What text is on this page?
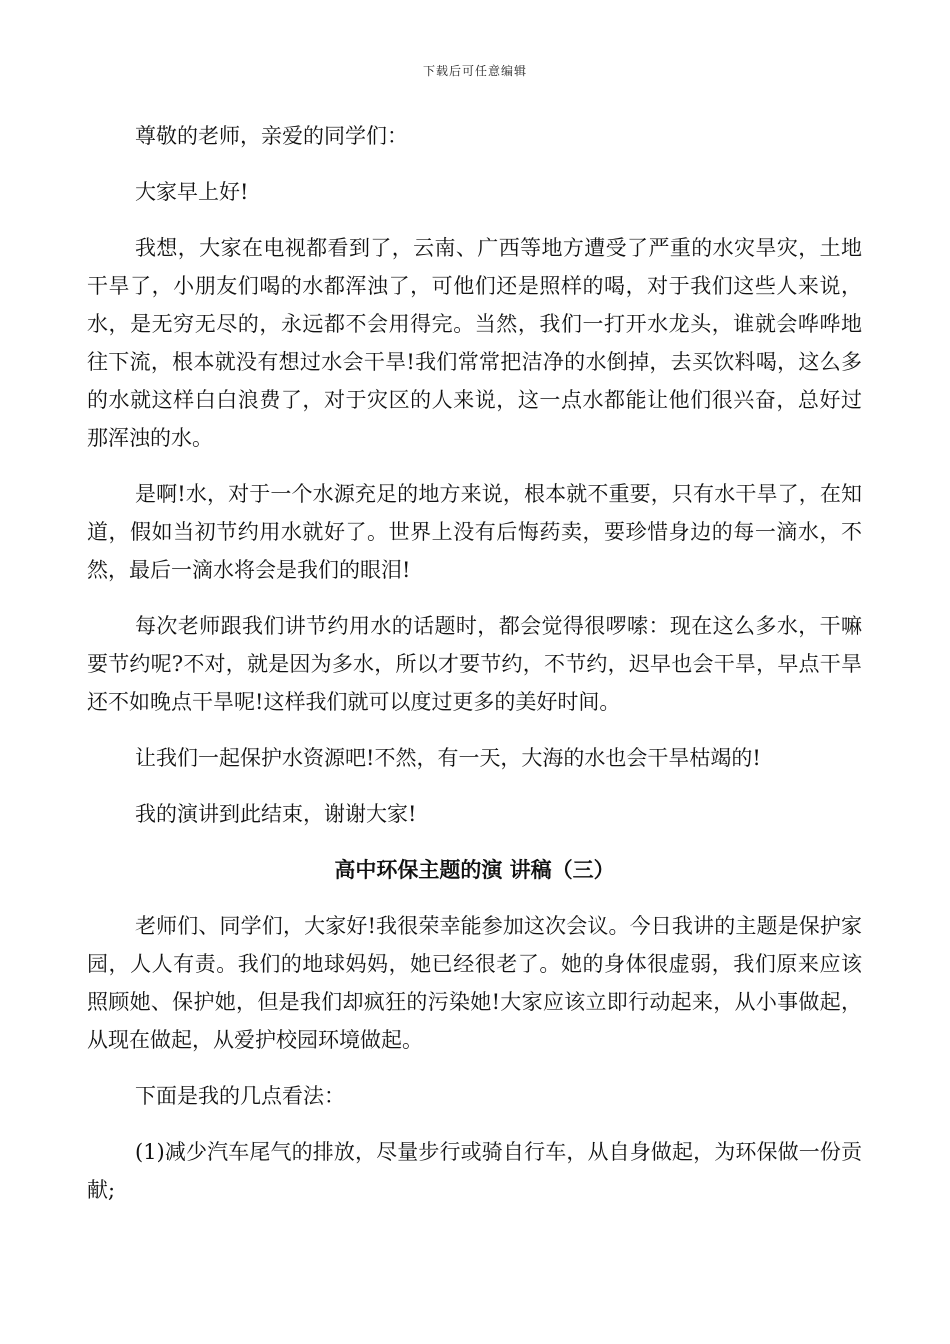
下载后可任意编辑

尊敬的老师，亲爱的同学们：

大家早上好!

我想，大家在电视都看到了，云南、广西等地方遭受了严重的水灾旱灾，土地干旱了，小朋友们喝的水都浑浊了，可他们还是照样的喝，对于我们这些人来说，水，是无穷无尽的，永远都不会用得完。当然，我们一打开水龙头，谁就会哗哗地往下流，根本就没有想过水会干旱!我们常常把洁净的水倒掉，去买饮料喝，这么多的水就这样白白浪费了，对于灾区的人来说，这一点水都能让他们很兴奋，总好过那浑浊的水。

是啊!水，对于一个水源充足的地方来说，根本就不重要，只有水干旱了，在知道，假如当初节约用水就好了。世界上没有后悔药卖，要珍惜身边的每一滴水，不然，最后一滴水将会是我们的眼泪!

每次老师跟我们讲节约用水的话题时，都会觉得很啰嗦：现在这么多水，干嘛要节约呢?不对，就是因为多水，所以才要节约，不节约，迟早也会干旱，早点干旱还不如晚点干旱呢!这样我们就可以度过更多的美好时间。

让我们一起保护水资源吧!不然，有一天，大海的水也会干旱枯竭的!

我的演讲到此结束，谢谢大家!

高中环保主题的演 讲稿（三）

老师们、同学们，大家好!我很荣幸能参加这次会议。今日我讲的主题是保护家园，人人有责。我们的地球妈妈，她已经很老了。她的身体很虚弱，我们原来应该照顾她、保护她，但是我们却疯狂的污染她!大家应该立即行动起来，从小事做起，从现在做起，从爱护校园环境做起。

下面是我的几点看法：

(1)减少汽车尾气的排放，尽量步行或骑自行车，从自身做起，为环保做一份贡献;
